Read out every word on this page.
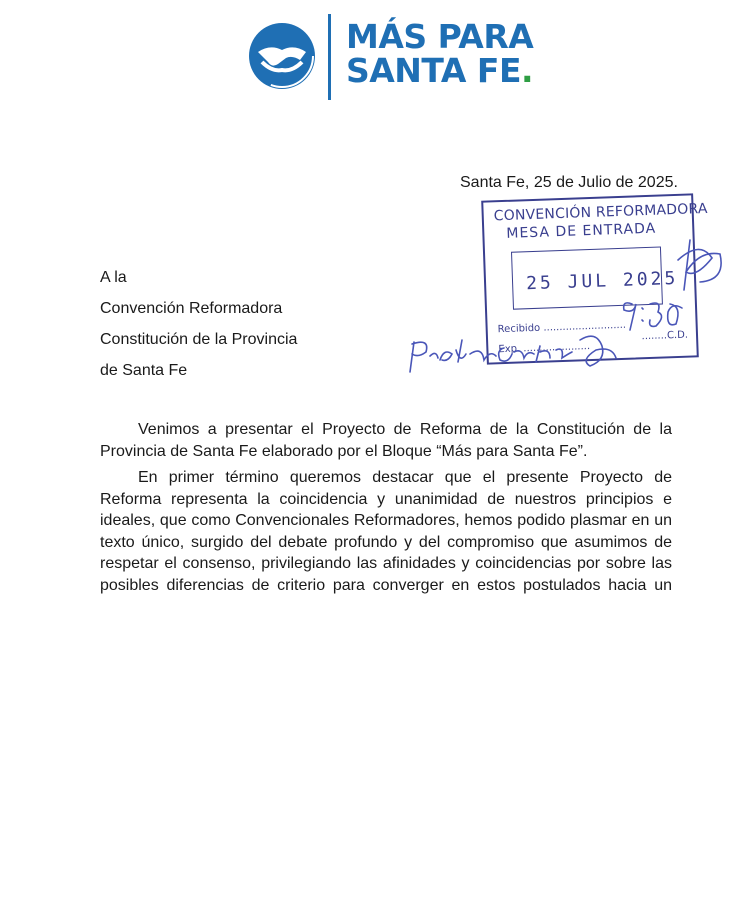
MÁS PARA
SANTA FE.
Santa Fe, 25 de Julio de 2025.
A la
Convención Reformadora
Constitución de la Provincia
de Santa Fe
Venimos a presentar el Proyecto de Reforma de la Constitución de la Provincia de Santa Fe elaborado por el Bloque “Más para Santa Fe”.
En primer término queremos destacar que el presente Proyecto de Reforma representa la coincidencia y unanimidad de nuestros principios e ideales, que como Convencionales Reformadores, hemos podido plasmar en un texto único, surgido del debate profundo y del compromiso que asumimos de respetar el consenso, privilegiando las afinidades y coincidencias por sobre las posibles diferencias de criterio para converger en estos postulados hacia un
CONVENCIÓN REFORMADORA
MESA DE ENTRADA
25 JUL 2025
Recibido ..........................
Exp. .....................
........C.D.
